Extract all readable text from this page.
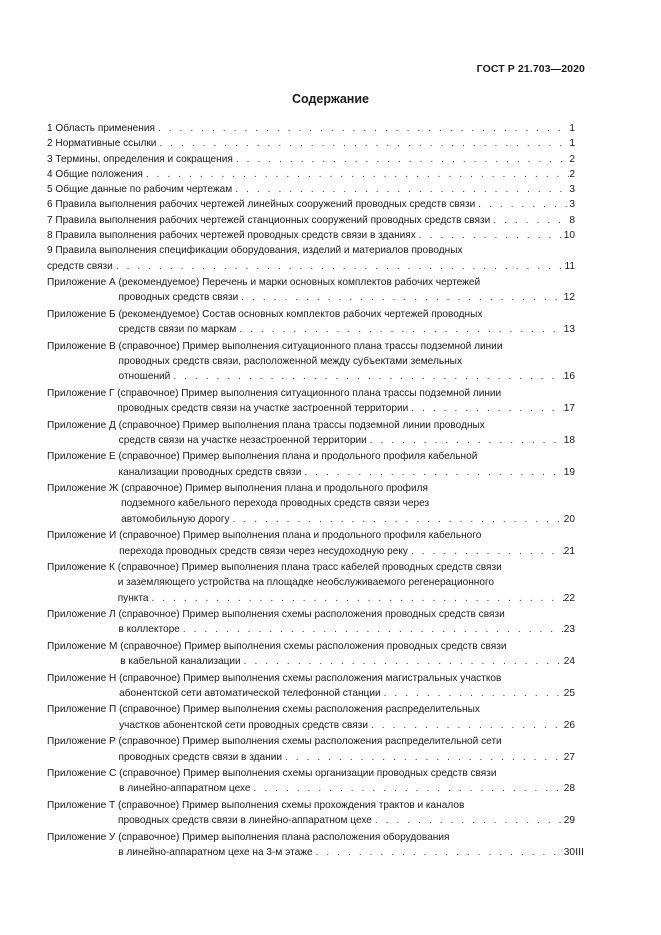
ГОСТ Р 21.703—2020
Содержание
1 Область применения . . .	1
2 Нормативные ссылки . . .	1
3 Термины, определения и сокращения . . .	2
4 Общие положения . . .	2
5 Общие данные по рабочим чертежам . . .	3
6 Правила выполнения рабочих чертежей линейных сооружений проводных средств связи . . .	3
7 Правила выполнения рабочих чертежей станционных сооружений проводных средств связи . . .	8
8 Правила выполнения рабочих чертежей проводных средств связи в зданиях . . .	10
9 Правила выполнения спецификации оборудования, изделий и материалов проводных
средств связи . . .	11
Приложение А (рекомендуемое) Перечень и марки основных комплектов рабочих чертежей
проводных средств связи . . .	12
Приложение Б (рекомендуемое) Состав основных комплектов рабочих чертежей проводных
средств связи по маркам . . .	13
Приложение В (справочное) Пример выполнения ситуационного плана трассы подземной линии
проводных средств связи, расположенной между субъектами земельных
отношений . . .	16
Приложение Г (справочное) Пример выполнения ситуационного плана трассы подземной линии
проводных средств связи на участке застроенной территории . . .	17
Приложение Д (справочное) Пример выполнения плана трассы подземной линии проводных
средств связи на участке незастроенной территории . . .	18
Приложение Е (справочное) Пример выполнения плана и продольного профиля кабельной
канализации проводных средств связи . . .	19
Приложение Ж (справочное) Пример выполнения плана и продольного профиля
подземного кабельного перехода проводных средств связи через
автомобильную дорогу . . .	20
Приложение И (справочное) Пример выполнения плана и продольного профиля кабельного
перехода проводных средств связи через несудоходную реку . . .	21
Приложение К (справочное) Пример выполнения плана трасс кабелей проводных средств связи
и заземляющего устройства на площадке необслуживаемого регенерационного
пункта . . .	22
Приложение Л (справочное) Пример выполнения схемы расположения проводных средств связи
в коллекторе . . .	23
Приложение М (справочное) Пример выполнения схемы расположения проводных средств связи
в кабельной канализации . . .	24
Приложение Н (справочное) Пример выполнения схемы расположения магистральных участков
абонентской сети автоматической телефонной станции . . .	25
Приложение П (справочное) Пример выполнения схемы расположения распределительных
участков абонентской сети проводных средств связи . . .	26
Приложение Р (справочное) Пример выполнения схемы расположения распределительной сети
проводных средств связи в здании . . .	27
Приложение С (справочное) Пример выполнения схемы организации проводных средств связи
в линейно-аппаратном цехе . . .	28
Приложение Т (справочное) Пример выполнения схемы прохождения трактов и каналов
проводных средств связи в линейно-аппаратном цехе . . .	29
Приложение У (справочное) Пример выполнения плана расположения оборудования
в линейно-аппаратном цехе на 3-м этаже . . .	30 III
